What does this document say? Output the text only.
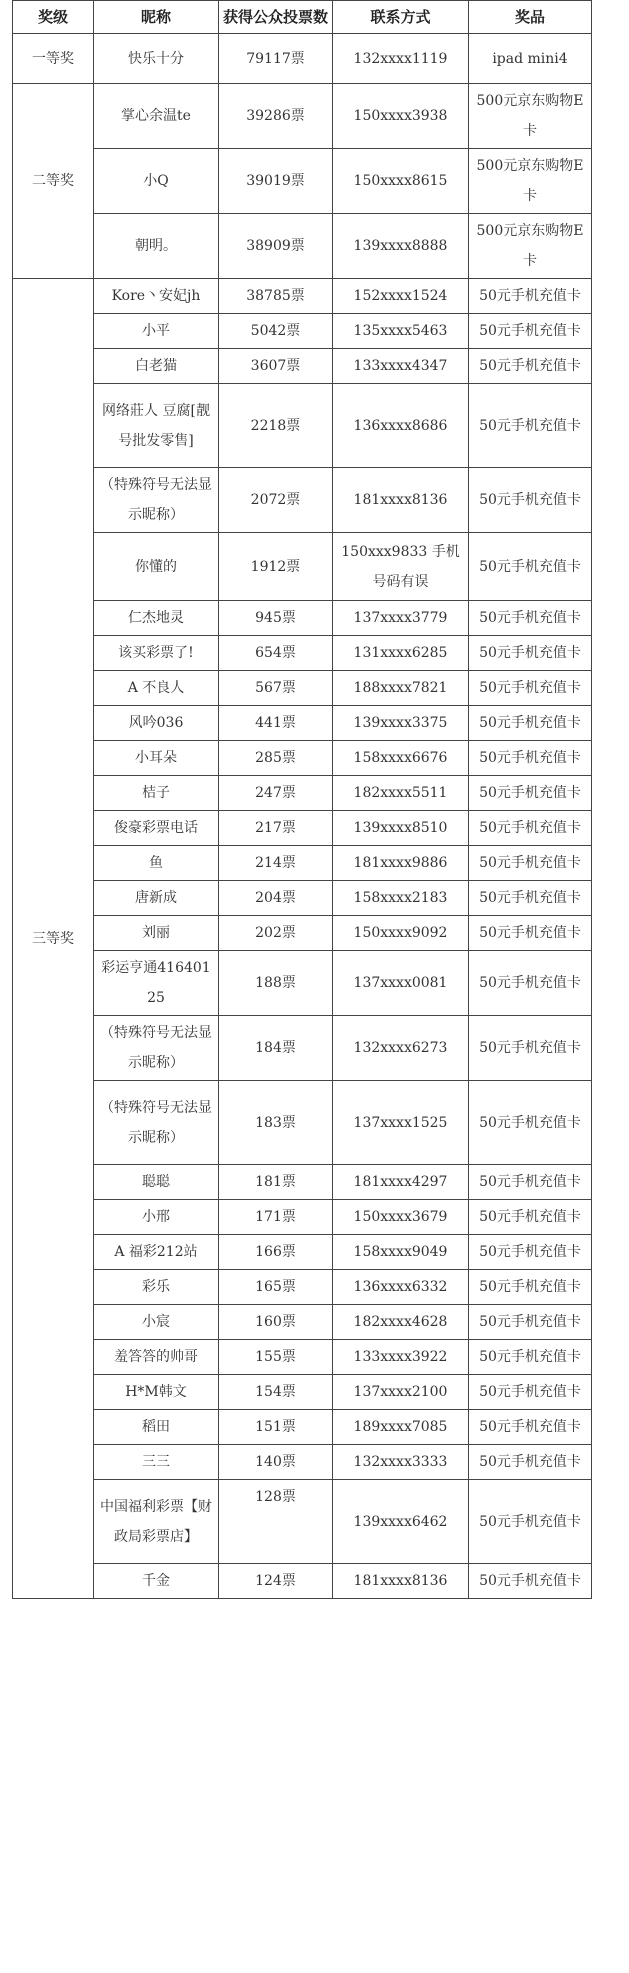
奖级	昵称	获得公众投票数	联系方式	奖品
一等奖	快乐十分	79117票	132xxxx1119	ipad mini4
二等奖	掌心余温te	39286票	150xxxx3938	500元京东购物E卡
	小Q	39019票	150xxxx8615	500元京东购物E卡
	朝明。	38909票	139xxxx8888	500元京东购物E卡
三等奖	Kore丶安妃jh	38785票	152xxxx1524	50元手机充值卡
	小平	5042票	135xxxx5463	50元手机充值卡
	白老猫	3607票	133xxxx4347	50元手机充值卡
	网络莊人 豆腐[靓号批发零售]	2218票	136xxxx8686	50元手机充值卡
	（特殊符号无法显示昵称）	2072票	181xxxx8136	50元手机充值卡
	你懂的	1912票	150xxx9833 手机号码有误	50元手机充值卡
	仁杰地灵	945票	137xxxx3779	50元手机充值卡
	该买彩票了!	654票	131xxxx6285	50元手机充值卡
	A 不良人	567票	188xxxx7821	50元手机充值卡
	风吟036	441票	139xxxx3375	50元手机充值卡
	小耳朵	285票	158xxxx6676	50元手机充值卡
	桔子	247票	182xxxx5511	50元手机充值卡
	俊豪彩票电话	217票	139xxxx8510	50元手机充值卡
	鱼	214票	181xxxx9886	50元手机充值卡
	唐新成	204票	158xxxx2183	50元手机充值卡
	刘丽	202票	150xxxx9092	50元手机充值卡
	彩运亨通41640125	188票	137xxxx0081	50元手机充值卡
	（特殊符号无法显示昵称）	184票	132xxxx6273	50元手机充值卡
	（特殊符号无法显示昵称）	183票	137xxxx1525	50元手机充值卡
	聪聪	181票	181xxxx4297	50元手机充值卡
	小邢	171票	150xxxx3679	50元手机充值卡
	A 福彩212站	166票	158xxxx9049	50元手机充值卡
	彩乐	165票	136xxxx6332	50元手机充值卡
	小宸	160票	182xxxx4628	50元手机充值卡
	羞答答的帅哥	155票	133xxxx3922	50元手机充值卡
	H*M韩文	154票	137xxxx2100	50元手机充值卡
	稻田	151票	189xxxx7085	50元手机充值卡
	三三	140票	132xxxx3333	50元手机充值卡
	中国福利彩票【财政局彩票店】	128票	139xxxx6462	50元手机充值卡
	千金	124票	181xxxx8136	50元手机充值卡
